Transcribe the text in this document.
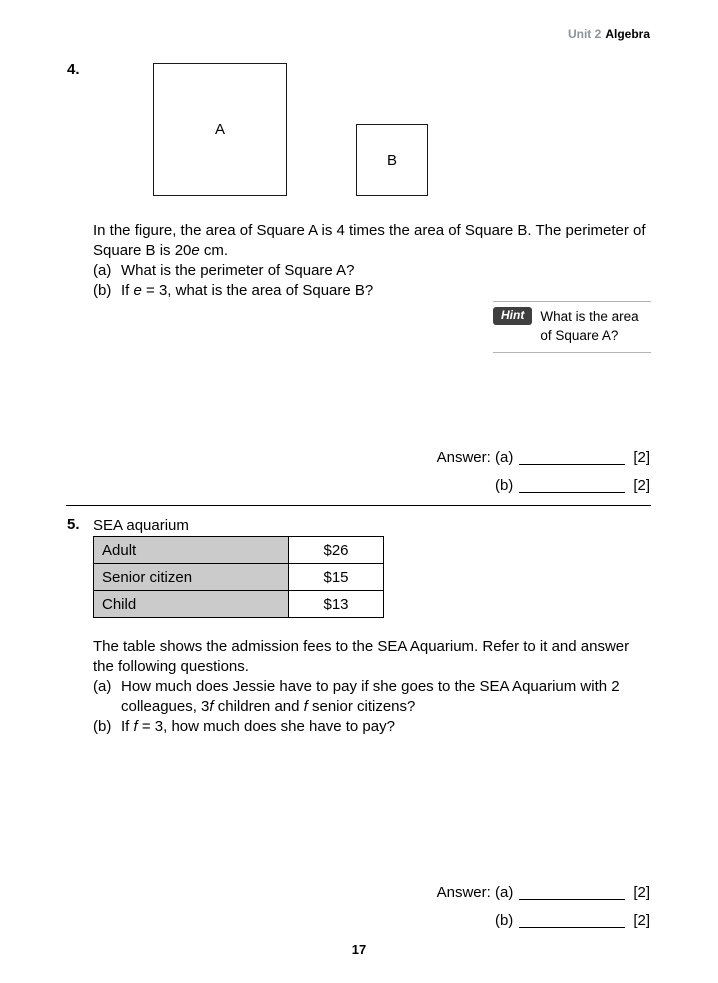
Unit 2 Algebra
4.
A
B

In the figure, the area of Square A is 4 times the area of Square B. The perimeter of Square B is 20e cm.

(a) What is the perimeter of Square A?
(b) If e = 3, what is the area of Square B?
Hint	What is the area of Square A?
Answer: (a)	[2]
(b)	[2]
5. SEA aquarium

Adult	$26
Senior citizen	$15
Child	$13

The table shows the admission fees to the SEA Aquarium. Refer to it and answer the following questions.

(a) How much does Jessie have to pay if she goes to the SEA Aquarium with 2 colleagues, 3f children and f senior citizens?
(b) If f = 3, how much does she have to pay?
Answer: (a)	[2]
(b)	[2]
17
